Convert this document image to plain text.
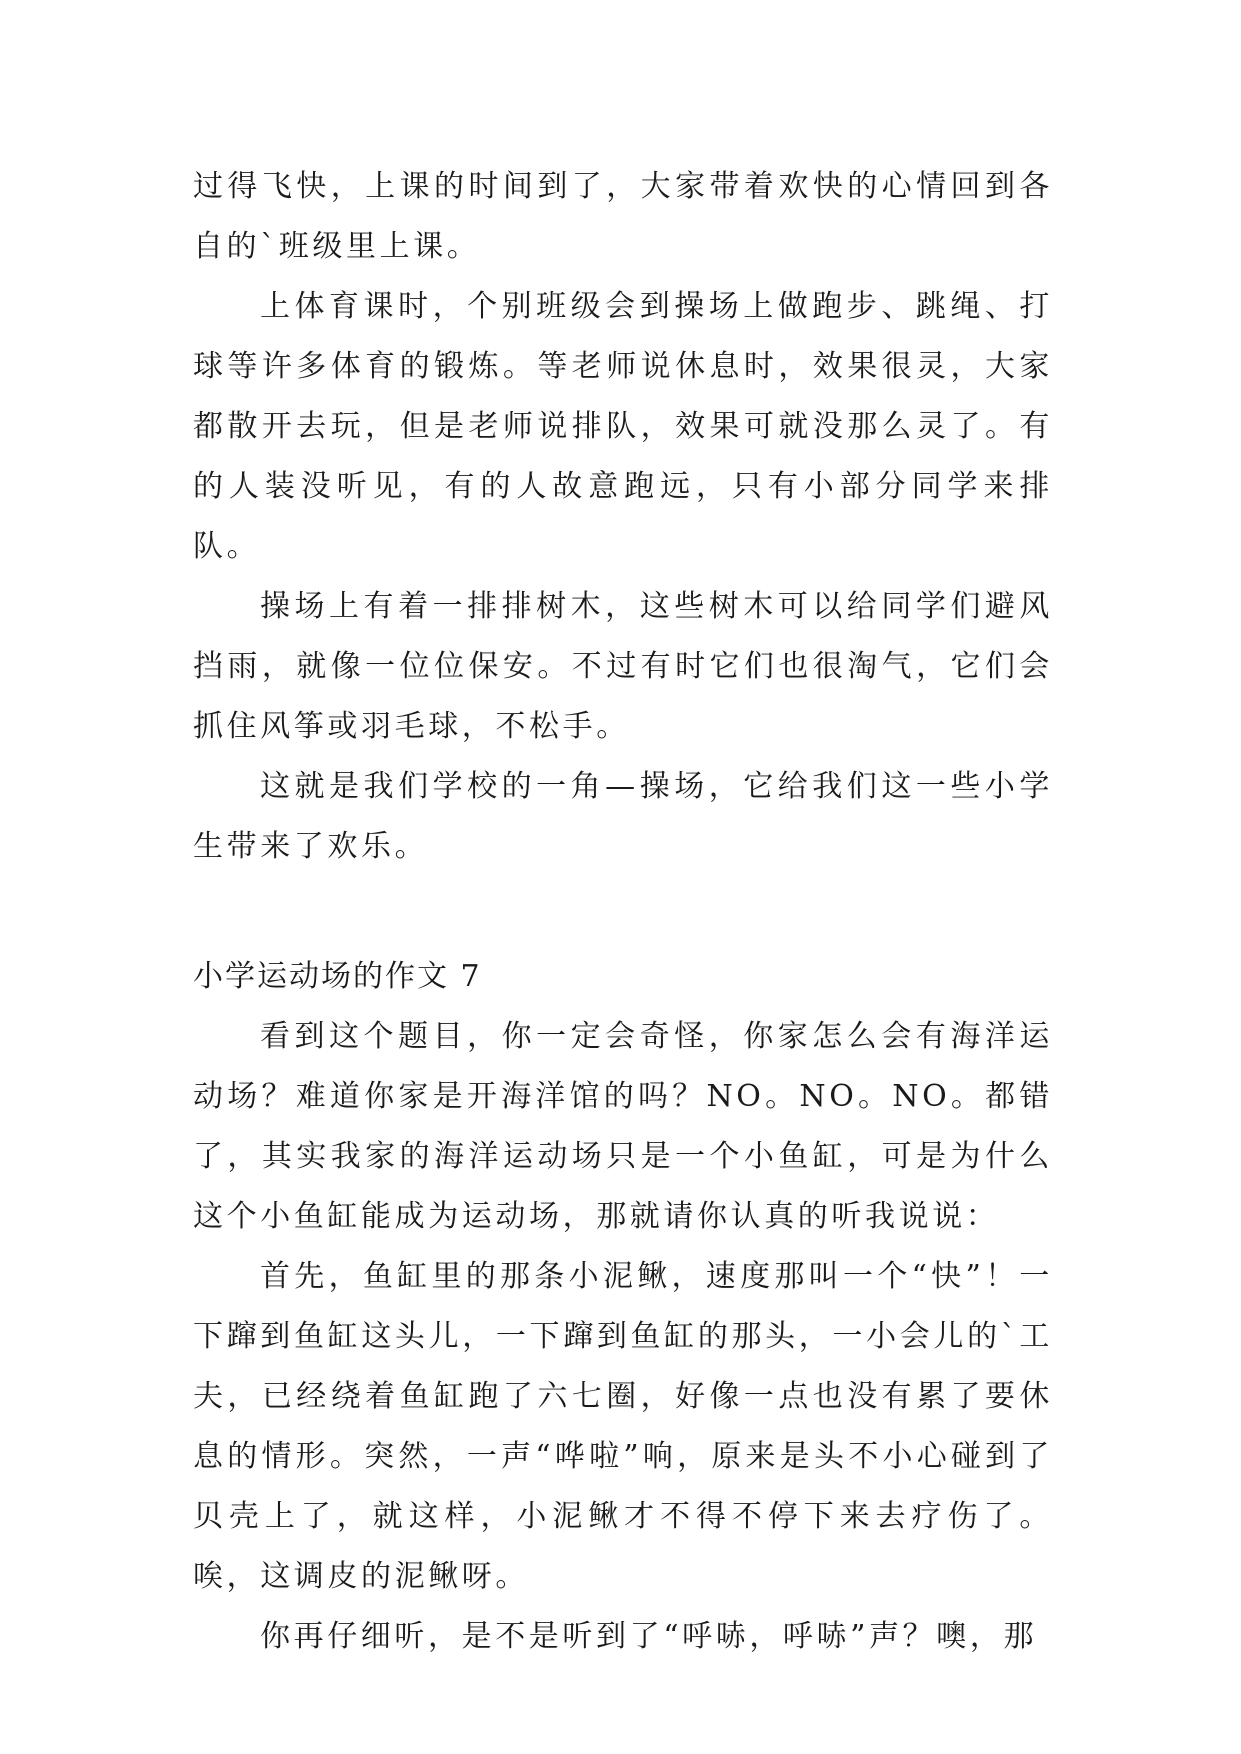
过得飞快，上课的时间到了，大家带着欢快的心情回到各自的`班级里上课。

上体育课时，个别班级会到操场上做跑步、跳绳、打球等许多体育的锻炼。等老师说休息时，效果很灵，大家都散开去玩，但是老师说排队，效果可就没那么灵了。有的人装没听见，有的人故意跑远，只有小部分同学来排队。

操场上有着一排排树木，这些树木可以给同学们避风挡雨，就像一位位保安。不过有时它们也很淘气，它们会抓住风筝或羽毛球，不松手。

这就是我们学校的一角—操场，它给我们这一些小学生带来了欢乐。

小学运动场的作文 7

看到这个题目，你一定会奇怪，你家怎么会有海洋运动场？难道你家是开海洋馆的吗？NO。NO。NO。都错了，其实我家的海洋运动场只是一个小鱼缸，可是为什么这个小鱼缸能成为运动场，那就请你认真的听我说说：

首先，鱼缸里的那条小泥鳅，速度那叫一个“快”！一下蹿到鱼缸这头儿，一下蹿到鱼缸的那头，一小会儿的`工夫，已经绕着鱼缸跑了六七圈，好像一点也没有累了要休息的情形。突然，一声“哗啦”响，原来是头不小心碰到了贝壳上了，就这样，小泥鳅才不得不停下来去疗伤了。唉，这调皮的泥鳅呀。

你再仔细听，是不是听到了“呼哧，呼哧”声？噢，那
